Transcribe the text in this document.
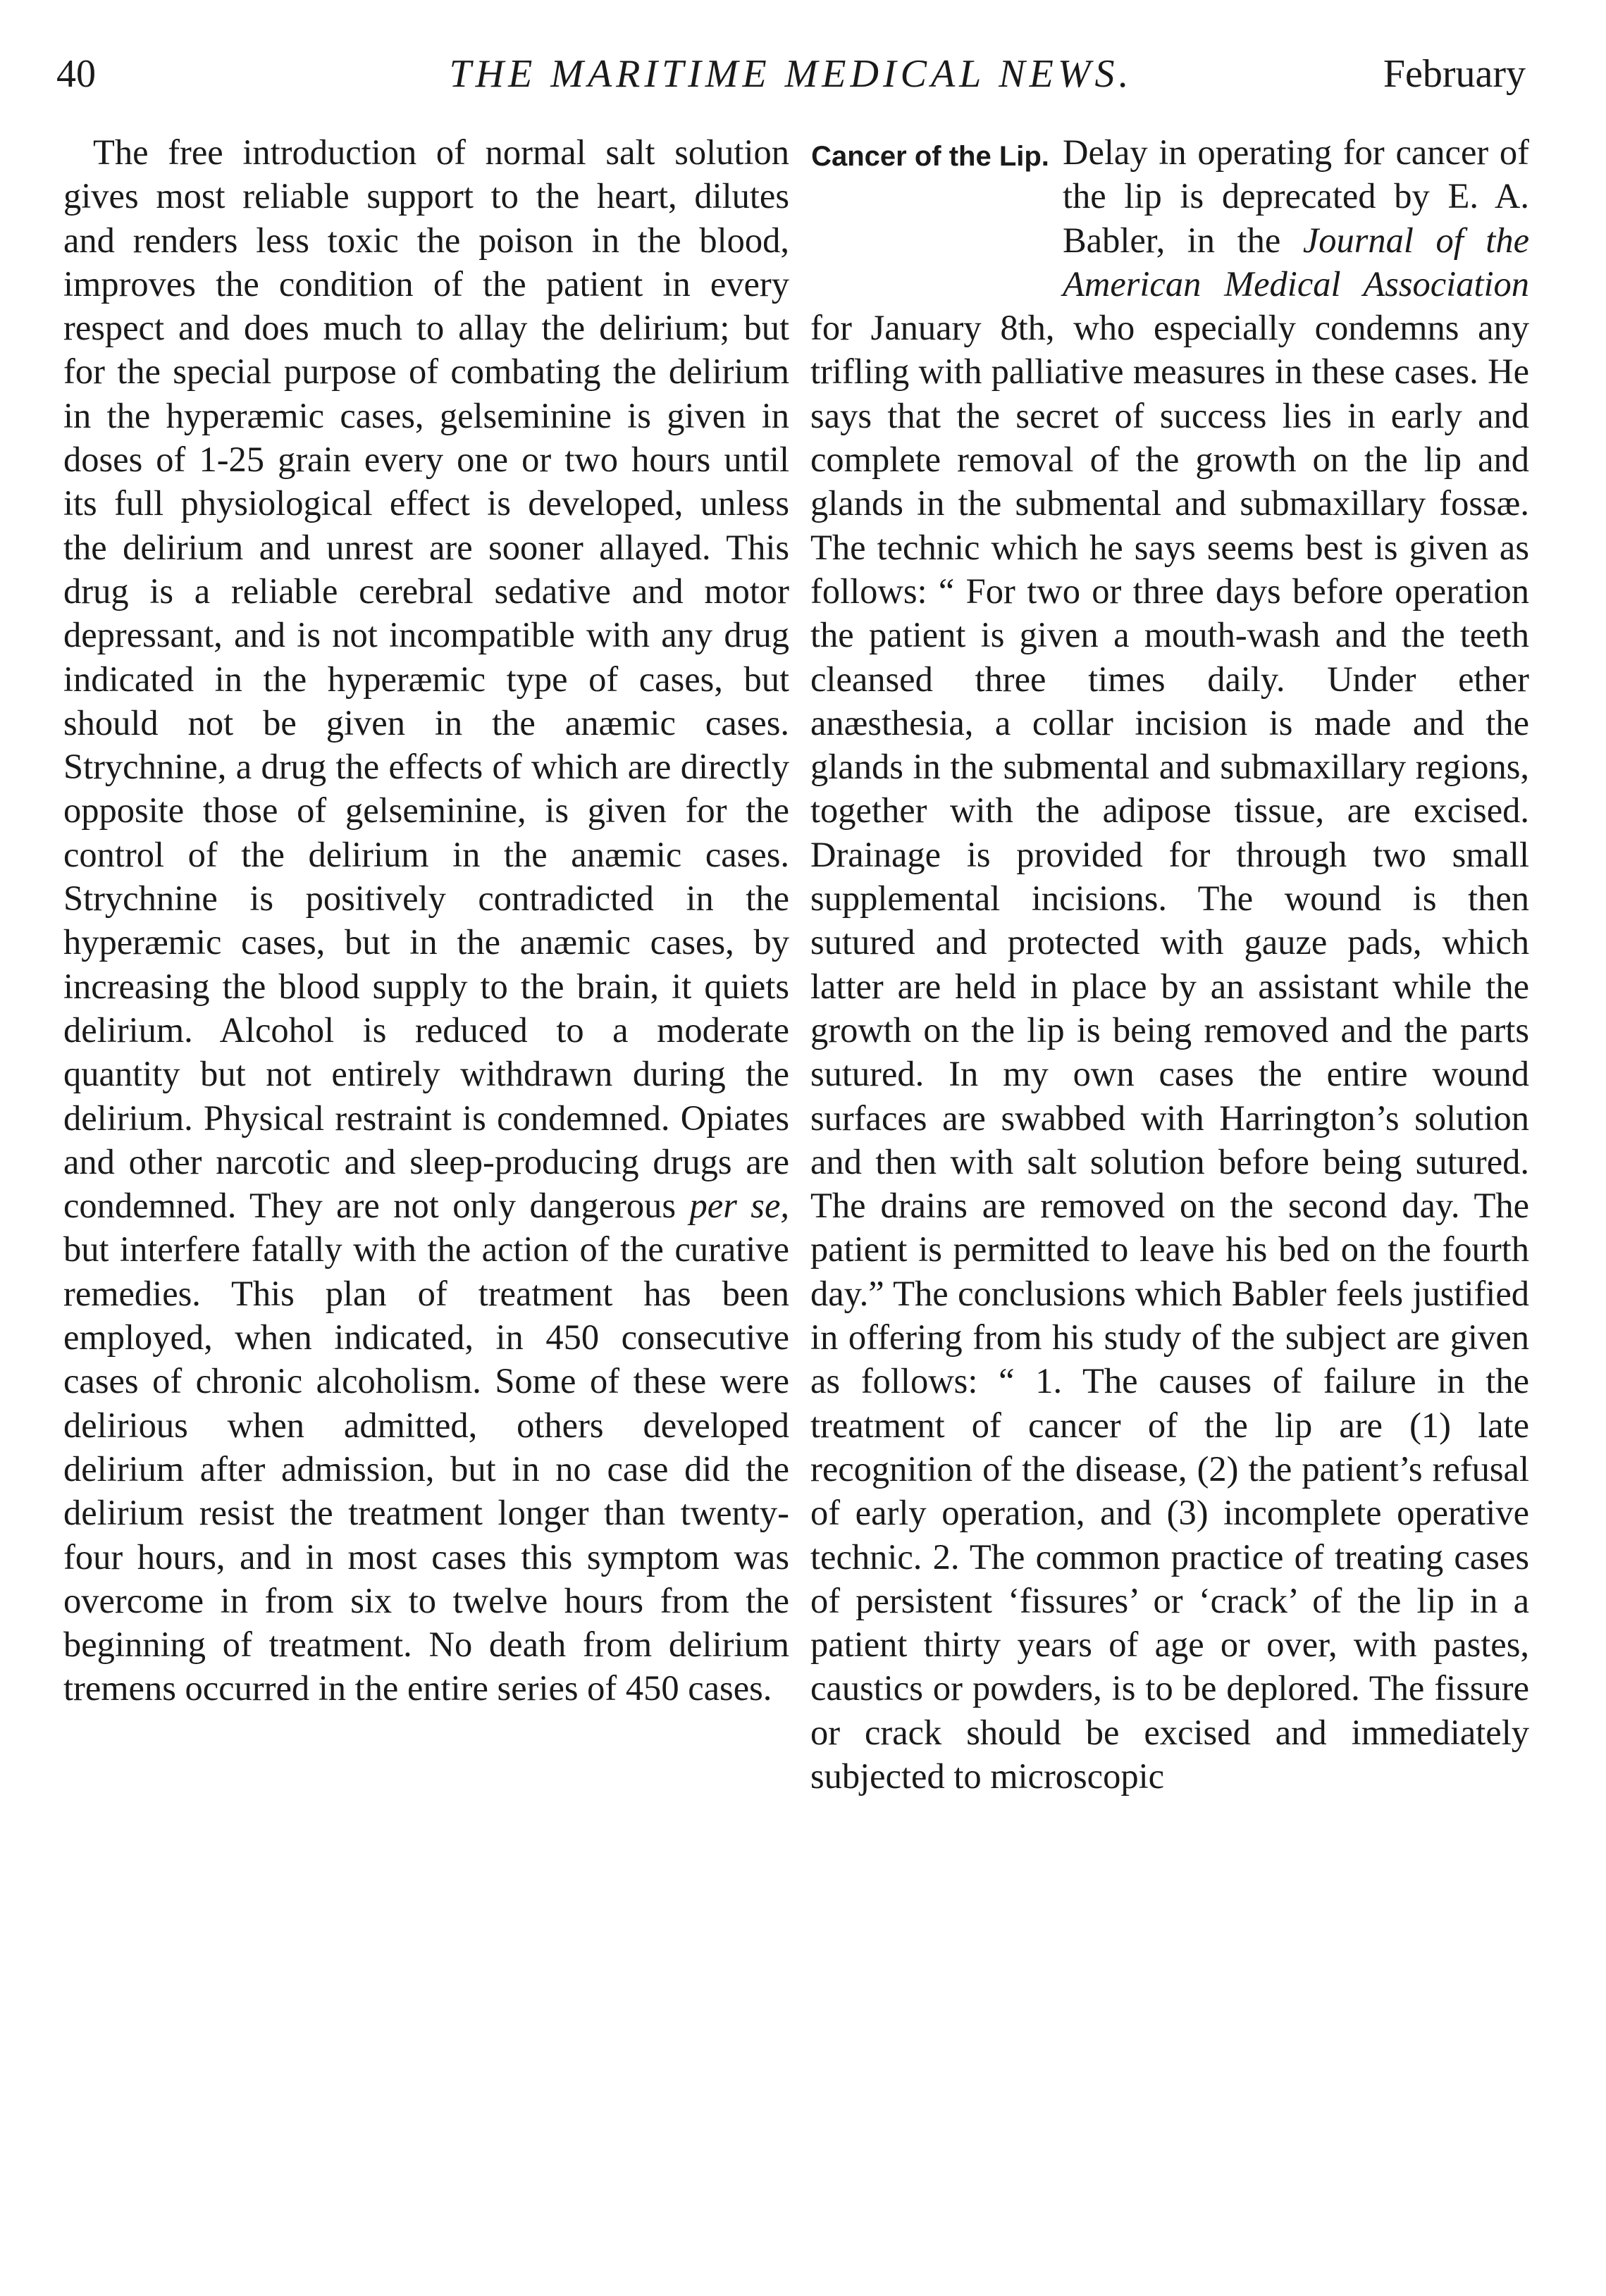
40	THE MARITIME MEDICAL NEWS.	February

The free introduction of normal salt solution gives most reliable support to the heart, dilutes and renders less toxic the poison in the blood, improves the condition of the patient in every respect and does much to allay the delirium; but for the special purpose of combating the delirium in the hyperæmic cases, gelseminine is given in doses of 1-25 grain every one or two hours until its full physiological effect is developed, unless the delirium and unrest are sooner allayed. This drug is a reliable cerebral sedative and motor depressant, and is not incompatible with any drug indicated in the hyperæmic type of cases, but should not be given in the anæmic cases. Strychnine, a drug the effects of which are directly opposite those of gelseminine, is given for the control of the delirium in the anæmic cases. Strychnine is positively contradicted in the hyperæmic cases, but in the anæmic cases, by increasing the blood supply to the brain, it quiets delirium. Alcohol is reduced to a moderate quantity but not entirely withdrawn during the delirium. Physical restraint is condemned. Opiates and other narcotic and sleep-producing drugs are condemned. They are not only dangerous per se, but interfere fatally with the action of the curative remedies. This plan of treatment has been employed, when indicated, in 450 consecutive cases of chronic alcoholism. Some of these were delirious when admitted, others developed delirium after admission, but in no case did the delirium resist the treatment longer than twenty-four hours, and in most cases this symptom was overcome in from six to twelve hours from the beginning of treatment. No death from delirium tremens occurred in the entire series of 450 cases.

Cancer of the Lip. Delay in operating for cancer of the lip is deprecated by E. A. Babler, in the Journal of the American Medical Association for January 8th, who especially condemns any trifling with palliative measures in these cases. He says that the secret of success lies in early and complete removal of the growth on the lip and glands in the submental and submaxillary fossæ. The technic which he says seems best is given as follows: “ For two or three days before operation the patient is given a mouth-wash and the teeth cleansed three times daily. Under ether anæsthesia, a collar incision is made and the glands in the submental and submaxillary regions, together with the adipose tissue, are excised. Drainage is provided for through two small supplemental incisions. The wound is then sutured and protected with gauze pads, which latter are held in place by an assistant while the growth on the lip is being removed and the parts sutured. In my own cases the entire wound surfaces are swabbed with Harrington’s solution and then with salt solution before being sutured. The drains are removed on the second day. The patient is permitted to leave his bed on the fourth day.” The conclusions which Babler feels justified in offering from his study of the subject are given as follows: “ 1. The causes of failure in the treatment of cancer of the lip are (1) late recognition of the disease, (2) the patient’s refusal of early operation, and (3) incomplete operative technic. 2. The common practice of treating cases of persistent ‘fissures’ or ‘crack’ of the lip in a patient thirty years of age or over, with pastes, caustics or powders, is to be deplored. The fissure or crack should be excised and immediately subjected to microscopic
